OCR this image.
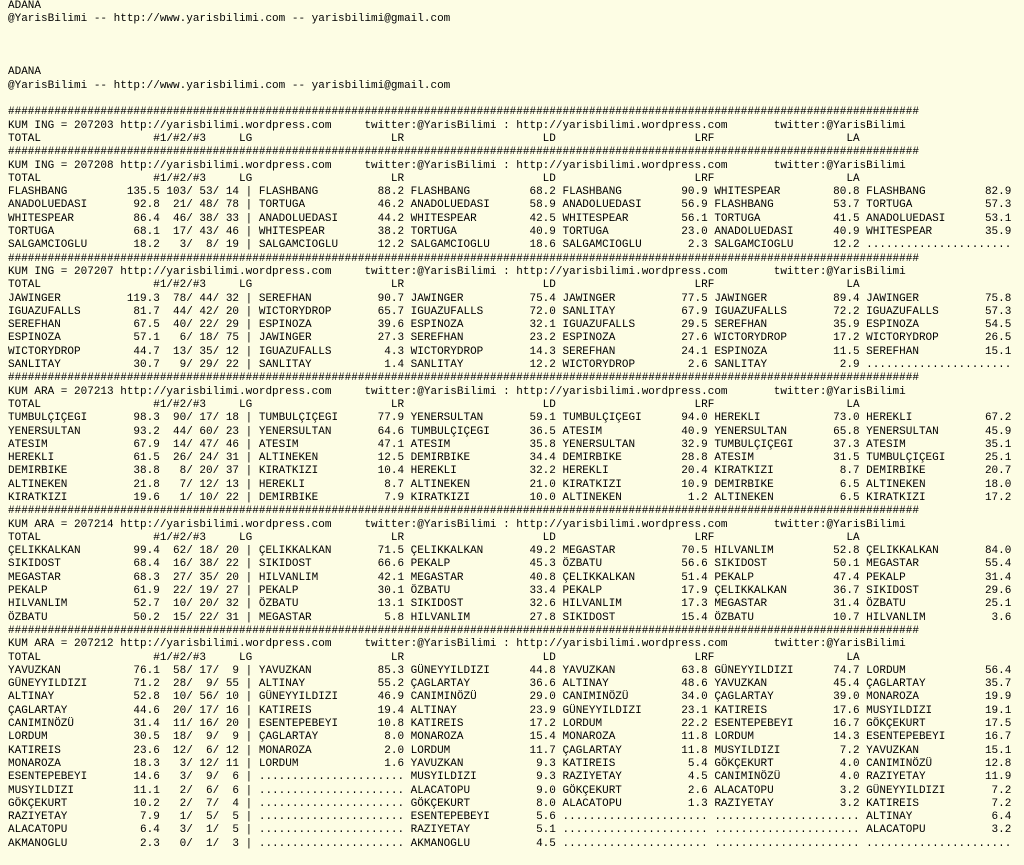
ADANA
@YarisBilimi -- http://www.yarisbilimi.com -- yarisbilimi@gmail.com
ADANA
@YarisBilimi -- http://www.yarisbilimi.com -- yarisbilimi@gmail.com
##########################################################################################################################################
KUM ING = 207203 http://yarisbilimi.wordpress.com     twitter:@YarisBilimi : http://yarisbilimi.wordpress.com       twitter:@YarisBilimi
TOTAL                 #1/#2/#3     LG                     LR                     LD                     LRF                    LA
##########################################################################################################################################
KUM ING = 207208 http://yarisbilimi.wordpress.com     twitter:@YarisBilimi : http://yarisbilimi.wordpress.com       twitter:@YarisBilimi
TOTAL                 #1/#2/#3     LG                     LR                     LD                     LRF                    LA
FLASHBANG         135.5 103/ 53/ 14 | FLASHBANG         88.2 FLASHBANG         68.2 FLASHBANG         90.9 WHITESPEAR        80.8 FLASHBANG         82.9
ANADOLUEDASI       92.8  21/ 48/ 78 | TORTUGA           46.2 ANADOLUEDASI      58.9 ANADOLUEDASI      56.9 FLASHBANG         53.7 TORTUGA           57.3
WHITESPEAR         86.4  46/ 38/ 33 | ANADOLUEDASI      44.2 WHITESPEAR        42.5 WHITESPEAR        56.1 TORTUGA           41.5 ANADOLUEDASI      53.1
TORTUGA            68.1  17/ 43/ 46 | WHITESPEAR        38.2 TORTUGA           40.9 TORTUGA           23.0 ANADOLUEDASI      40.9 WHITESPEAR        35.9
SALGAMCIOGLU       18.2   3/  8/ 19 | SALGAMCIOGLU      12.2 SALGAMCIOGLU      18.6 SALGAMCIOGLU       2.3 SALGAMCIOGLU      12.2 ......................
##########################################################################################################################################
KUM ING = 207207 http://yarisbilimi.wordpress.com     twitter:@YarisBilimi : http://yarisbilimi.wordpress.com       twitter:@YarisBilimi
TOTAL                 #1/#2/#3     LG                     LR                     LD                     LRF                    LA
JAWINGER          119.3  78/ 44/ 32 | SEREFHAN          90.7 JAWINGER          75.4 JAWINGER          77.5 JAWINGER          89.4 JAWINGER          75.8
IGUAZUFALLS        81.7  44/ 42/ 20 | WICTORYDROP       65.7 IGUAZUFALLS       72.0 SANLITAY          67.9 IGUAZUFALLS       72.2 IGUAZUFALLS       57.3
SEREFHAN           67.5  40/ 22/ 29 | ESPINOZA          39.6 ESPINOZA          32.1 IGUAZUFALLS       29.5 SEREFHAN          35.9 ESPINOZA          54.5
ESPINOZA           57.1   6/ 18/ 75 | JAWINGER          27.3 SEREFHAN          23.2 ESPINOZA          27.6 WICTORYDROP       17.2 WICTORYDROP       26.5
WICTORYDROP        44.7  13/ 35/ 12 | IGUAZUFALLS        4.3 WICTORYDROP       14.3 SEREFHAN          24.1 ESPINOZA          11.5 SEREFHAN          15.1
SANLITAY           30.7   9/ 29/ 22 | SANLITAY           1.4 SANLITAY          12.2 WICTORYDROP        2.6 SANLITAY           2.9 ......................
##########################################################################################################################################
KUM ARA = 207213 http://yarisbilimi.wordpress.com     twitter:@YarisBilimi : http://yarisbilimi.wordpress.com       twitter:@YarisBilimi
TOTAL                 #1/#2/#3     LG                     LR                     LD                     LRF                    LA
TUMBULÇIÇEGI       98.3  90/ 17/ 18 | TUMBULÇIÇEGI      77.9 YENERSULTAN       59.1 TUMBULÇIÇEGI      94.0 HEREKLI           73.0 HEREKLI           67.2
YENERSULTAN        93.2  44/ 60/ 23 | YENERSULTAN       64.6 TUMBULÇIÇEGI      36.5 ATESIM            40.9 YENERSULTAN       65.8 YENERSULTAN       45.9
ATESIM             67.9  14/ 47/ 46 | ATESIM            47.1 ATESIM            35.8 YENERSULTAN       32.9 TUMBULÇIÇEGI      37.3 ATESIM            35.1
HEREKLI            61.5  26/ 24/ 31 | ALTINEKEN         12.5 DEMIRBIKE         34.4 DEMIRBIKE         28.8 ATESIM            31.5 TUMBULÇIÇEGI      25.1
DEMIRBIKE          38.8   8/ 20/ 37 | KIRATKIZI         10.4 HEREKLI           32.2 HEREKLI           20.4 KIRATKIZI          8.7 DEMIRBIKE         20.7
ALTINEKEN          21.8   7/ 12/ 13 | HEREKLI            8.7 ALTINEKEN         21.0 KIRATKIZI         10.9 DEMIRBIKE          6.5 ALTINEKEN         18.0
KIRATKIZI          19.6   1/ 10/ 22 | DEMIRBIKE          7.9 KIRATKIZI         10.0 ALTINEKEN          1.2 ALTINEKEN          6.5 KIRATKIZI         17.2
##########################################################################################################################################
KUM ARA = 207214 http://yarisbilimi.wordpress.com     twitter:@YarisBilimi : http://yarisbilimi.wordpress.com       twitter:@YarisBilimi
TOTAL                 #1/#2/#3     LG                     LR                     LD                     LRF                    LA
ÇELIKKALKAN        99.4  62/ 18/ 20 | ÇELIKKALKAN       71.5 ÇELIKKALKAN       49.2 MEGASTAR          70.5 HILVANLIM         52.8 ÇELIKKALKAN       84.0
SIKIDOST           68.4  16/ 38/ 22 | SIKIDOST          66.6 PEKALP            45.3 ÖZBATU            56.6 SIKIDOST          50.1 MEGASTAR          55.4
MEGASTAR           68.3  27/ 35/ 20 | HILVANLIM         42.1 MEGASTAR          40.8 ÇELIKKALKAN       51.4 PEKALP            47.4 PEKALP            31.4
PEKALP             61.9  22/ 19/ 27 | PEKALP            30.1 ÖZBATU            33.4 PEKALP            17.9 ÇELIKKALKAN       36.7 SIKIDOST          29.6
HILVANLIM          52.7  10/ 20/ 32 | ÖZBATU            13.1 SIKIDOST          32.6 HILVANLIM         17.3 MEGASTAR          31.4 ÖZBATU            25.1
ÖZBATU             50.2  15/ 22/ 31 | MEGASTAR           5.8 HILVANLIM         27.8 SIKIDOST          15.4 ÖZBATU            10.7 HILVANLIM          3.6
##########################################################################################################################################
KUM ARA = 207212 http://yarisbilimi.wordpress.com     twitter:@YarisBilimi : http://yarisbilimi.wordpress.com       twitter:@YarisBilimi
TOTAL                 #1/#2/#3     LG                     LR                     LD                     LRF                    LA
YAVUZKAN           76.1  58/ 17/  9 | YAVUZKAN          85.3 GÜNEYYILDIZI      44.8 YAVUZKAN          63.8 GÜNEYYILDIZI      74.7 LORDUM            56.4
GÜNEYYILDIZI       71.2  28/  9/ 55 | ALTINAY           55.2 ÇAGLARTAY         36.6 ALTINAY           48.6 YAVUZKAN          45.4 ÇAGLARTAY         35.7
ALTINAY            52.8  10/ 56/ 10 | GÜNEYYILDIZI      46.9 CANIMINÖZÜ        29.0 CANIMINÖZÜ        34.0 ÇAGLARTAY         39.0 MONAROZA          19.9
ÇAGLARTAY          44.6  20/ 17/ 16 | KATIREIS          19.4 ALTINAY           23.9 GÜNEYYILDIZI      23.1 KATIREIS          17.6 MUSYILDIZI        19.1
CANIMINÖZÜ         31.4  11/ 16/ 20 | ESENTEPEBEYI      10.8 KATIREIS          17.2 LORDUM            22.2 ESENTEPEBEYI      16.7 GÖKÇEKURT         17.5
LORDUM             30.5  18/  9/  9 | ÇAGLARTAY          8.0 MONAROZA          15.4 MONAROZA          11.8 LORDUM            14.3 ESENTEPEBEYI      16.7
KATIREIS           23.6  12/  6/ 12 | MONAROZA           2.0 LORDUM            11.7 ÇAGLARTAY         11.8 MUSYILDIZI         7.2 YAVUZKAN          15.1
MONAROZA           18.3   3/ 12/ 11 | LORDUM             1.6 YAVUZKAN           9.3 KATIREIS           5.4 GÖKÇEKURT          4.0 CANIMINÖZÜ        12.8
ESENTEPEBEYI       14.6   3/  9/  6 | ...................... MUSYILDIZI         9.3 RAZIYETAY          4.5 CANIMINÖZÜ         4.0 RAZIYETAY         11.9
MUSYILDIZI         11.1   2/  6/  6 | ...................... ALACATOPU          9.0 GÖKÇEKURT          2.6 ALACATOPU          3.2 GÜNEYYILDIZI       7.2
GÖKÇEKURT          10.2   2/  7/  4 | ...................... GÖKÇEKURT          8.0 ALACATOPU          1.3 RAZIYETAY          3.2 KATIREIS           7.2
RAZIYETAY           7.9   1/  5/  5 | ...................... ESENTEPEBEYI       5.6 ...................... ...................... ALTINAY            6.4
ALACATOPU           6.4   3/  1/  5 | ...................... RAZIYETAY          5.1 ...................... ...................... ALACATOPU          3.2
AKMANOGLU           2.3   0/  1/  3 | ...................... AKMANOGLU          4.5 ...................... ...................... ......................
